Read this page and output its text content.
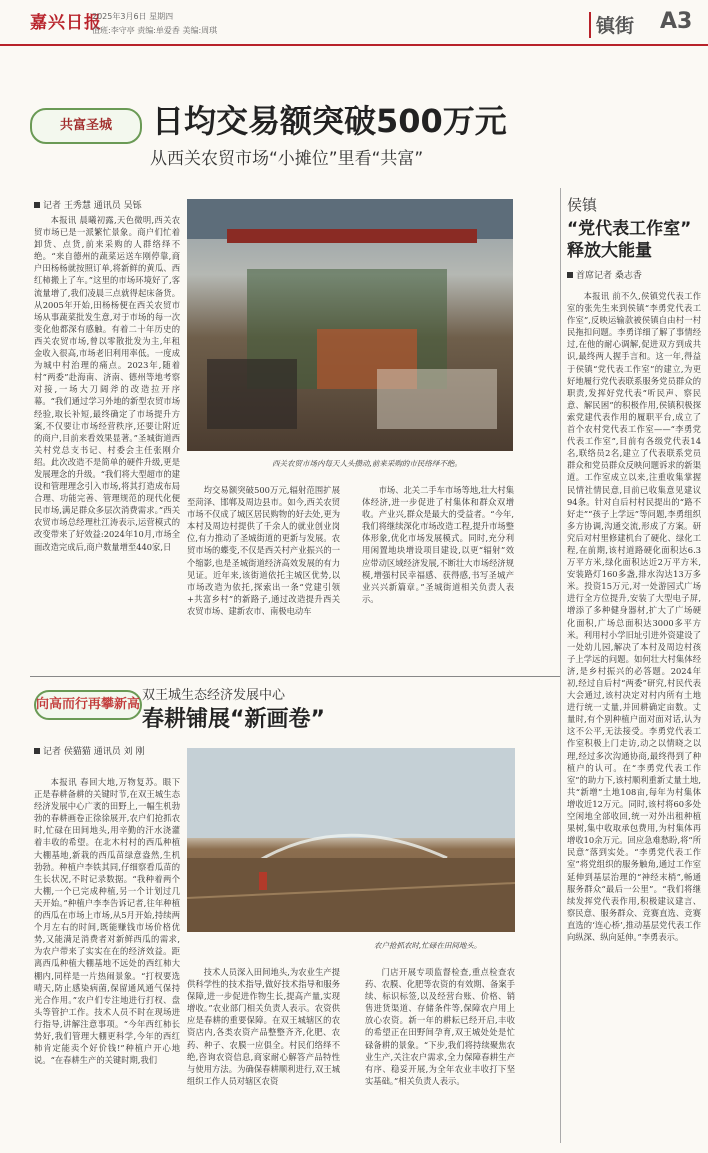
嘉兴日报
2025年3月6日 星期四
值班:李守亭 责编:单爱香 美编:周琪	镇街 A3
共富圣城	日均交易额突破500万元
从西关农贸市场“小摊位”里看“共富”
记者 王秀慧 通讯员 吴铄

本报讯 晨曦初露,天色微明,西关农贸市场已是一派繁忙景象。商户们忙着卸货、点货,前来采购的人群络绎不绝。“来自德州的蔬菜运送车刚停靠,商户田杨杨就按照订单,将新鲜的黄瓜、西红柿搬上了车。”这里的市场环境好了,客流量增了,我们凌晨三点就得起床备货。从2005年开始,田杨杨便在西关农贸市场从事蔬菜批发生意,对于市场的每一次变化他都深有感触。有着二十年历史的西关农贸市场,曾以零散批发为主,年租金收入很高,市场老旧利用率低。一度成为城中村治理的痛点。2023年,随着村“两委”赴海南、济南、德州等地考察对接,一场大刀阔斧的改造拉开序幕。“我们通过学习外地的新型农贸市场经验,取长补短,最终确定了市场提升方案,不仅要让市场经营秩序,还要让附近的商户,目前来看效果显著。”圣城街道西关村党总支书记、村委会主任张刚介绍。此次改造不是简单的硬件升级,更是发展理念的升级。“我们将大型超市的建设和管理理念引入市场,将其打造成布局合理、功能完善、管理规范的现代化便民市场,满足群众多层次消费需求。”西关农贸市场总经理杜江涛表示,运营模式的改变带来了好效益:2024年10月,市场全面改造完成后,商户数量增至440家,日

西关农贸市场内每天人头攒动,前来采购的市民络绎不绝。

均交易额突破500万元,辐射范围扩展至菏泽、邯郸及周边县市。如今,西关农贸市场不仅成了城区居民购物的好去处,更为本村及周边村提供了千余人的就业创业岗位,有力推动了圣城街道的更新与发展。农贸市场的蝶变,不仅是西关村产业振兴的一个缩影,也是圣城街道经济高效发展的有力见证。近年来,该街道依托主城区优势,以市场改造为依托,探索出一条“党建引领+共富乡村”的新路子,通过改造提升西关农贸市场、建新农市、南极电动车

市场、北关二手车市场等地,壮大村集体经济,进一步促进了村集体和群众双增收。产业兴,群众是最大的受益者。“今年,我们将继续深化市场改造工程,提升市场整体形象,优化市场发展模式。同时,充分利用闲置地块增设项目建设,以更“辐射”效应带动区域经济发展,不断壮大市场经济规模,增强村民幸福感、获得感,书写圣城产业兴兴新篇章。”圣城街道相关负责人表示。

向高而行再攀新高
双王城生态经济发展中心
春耕铺展“新画卷”
记者 侯猫猫 通讯员 刘 刚

本报讯 春回大地,万物复苏。眼下正是春耕备耕的关键时节,在双王城生态经济发展中心广袤的田野上,一幅生机勃勃的春耕画卷正徐徐展开,农户们抢抓农时,忙碌在田间地头,用辛勤的汗水浇灌着丰收的希望。在北木村村的西瓜种植大棚基地,新栽的西瓜苗绿意盎然,生机勃勃。种植户李铁其同,仔细察看瓜苗的生长状况,不时记录数据。“我种着两个大棚,一个已完成种植,另一个计划过几天开始。”种植户李李告诉记者,往年种植的西瓜在市场上市场,从5月开始,持续两个月左右的时间,既能赚钱市场价格优势,又能满足消费者对新鲜西瓜的需求,为农户带来了实实在在的经济效益。距离西瓜种植大棚基地不远处的西红柿大棚内,同样是一片热闹景象。“打杈要选晴天,防止感染病菌,保留通风通气保持光合作用。”农户们专注地进行打杈、盘头等管护工作。技术人员不时在现场进行指导,讲解注意事项。“今年西红柿长势好,我们管理大棚更科学,今年的西红柿肯定能卖个好价钱!”种植户开心地说。“在春耕生产的关键时期,我们

农户抢抓农时,忙碌在田间地头。

技术人员深入田间地头,为农业生产提供科学性的技术指导,做好技术指导和服务保障,进一步促进作物生长,提高产量,实现增收。”农业部门相关负责人表示。农资供应是春耕的重要保障。在双王城辖区的农资店内,各类农资产品整整齐齐,化肥、农药、种子、农膜一应俱全。村民们络绎不绝,咨询农资信息,商家耐心解答产品特性与使用方法。为确保春耕顺利进行,双王城组织工作人员对辖区农资

门店开展专项监督检查,重点检查农药、农膜、化肥等农资的有效期、备案手续、标识标签,以及经营台账、价格、销售进货渠道、存储条件等,保障农户用上放心农资。新一年的耕耘已经开启,丰收的希望正在田野间孕育,双王城处处是忙碌备耕的景象。“下步,我们将持续聚焦农业生产,关注农户需求,全力保障春耕生产有序、稳妥开展,为全年农业丰收打下坚实基础。”相关负责人表示。

侯镇
“党代表工作室”
释放大能量
首席记者 桑志香

本报讯 前不久,侯镇党代表工作室的张先生来到侯镇“李勇党代表工作室”,反映运输款被侯镇自由村一村民拖扣问题。李勇详细了解了事情经过,在他的耐心调解,促进双方到成共识,最终两人握手言和。这一年,得益于侯镇“党代表工作室”的建立,为更好地履行党代表联系服务党员群众的职责,发挥好党代表“听民声、察民意、解民困”的积极作用,侯镇积极探索党建代表作用的履职平台,成立了首个农村党代表工作室——“李勇党代表工作室”,目前有各级党代表14名,联络员2名,建立了代表联系党员群众和党员群众反映问题诉求的新渠道。工作室成立以来,注重收集掌握民情社情民意,目前已收集意见建议94条。针对自后村村民提出的“路不好走”“孩子上学远”等问题,李勇组织多方协调,沟通交流,形成了方案。研究后对村里修建机台了硬化、绿化工程,在前期,该村道路硬化面积达6.3万平方米,绿化面积达近2万平方米,安装路灯160多盏,排水沟达13万多米。投资15万元,对一处游园式广场进行全方位提升,安装了大型电子屏,增添了多种健身器材,扩大了广场硬化面积,广场总面积达3000多平方米。利用村小学旧址引进外资建设了一处幼儿园,解决了本村及周边村孩子上学远的问题。如何壮大村集体经济,是乡村振兴的必答题。2024年初,经过自后村“两委”研究,村民代表大会通过,该村决定对村内所有土地进行统一丈量,并回耕确定亩数。丈量时,有个别种植户面对面对话,认为这不公平,无法接受。李勇党代表工作室积极上门走访,动之以情晓之以理,经过多次沟通协商,最终得到了种植户的认可。在“李勇党代表工作室”的助力下,该村顺利重新丈量土地,共“新增”土地108亩,每年为村集体增收近12万元。同时,该村将60多处空闲地全部收回,统一对外出租种植果树,集中收取承包费用,为村集体再增收10余万元。回应急难愁盼,将“所民意”落到实处。“李勇党代表工作室”将党组织的服务触角,通过工作室延伸到基层治理的“神经末梢”,畅通服务群众“最后一公里”。“我们将继续发挥党代表作用,积极建议建言、察民意、服务群众、竞赛直选、竞赛直选的‘连心桥’,推动基层党代表工作向纵深、纵向延伸。”李勇表示。
